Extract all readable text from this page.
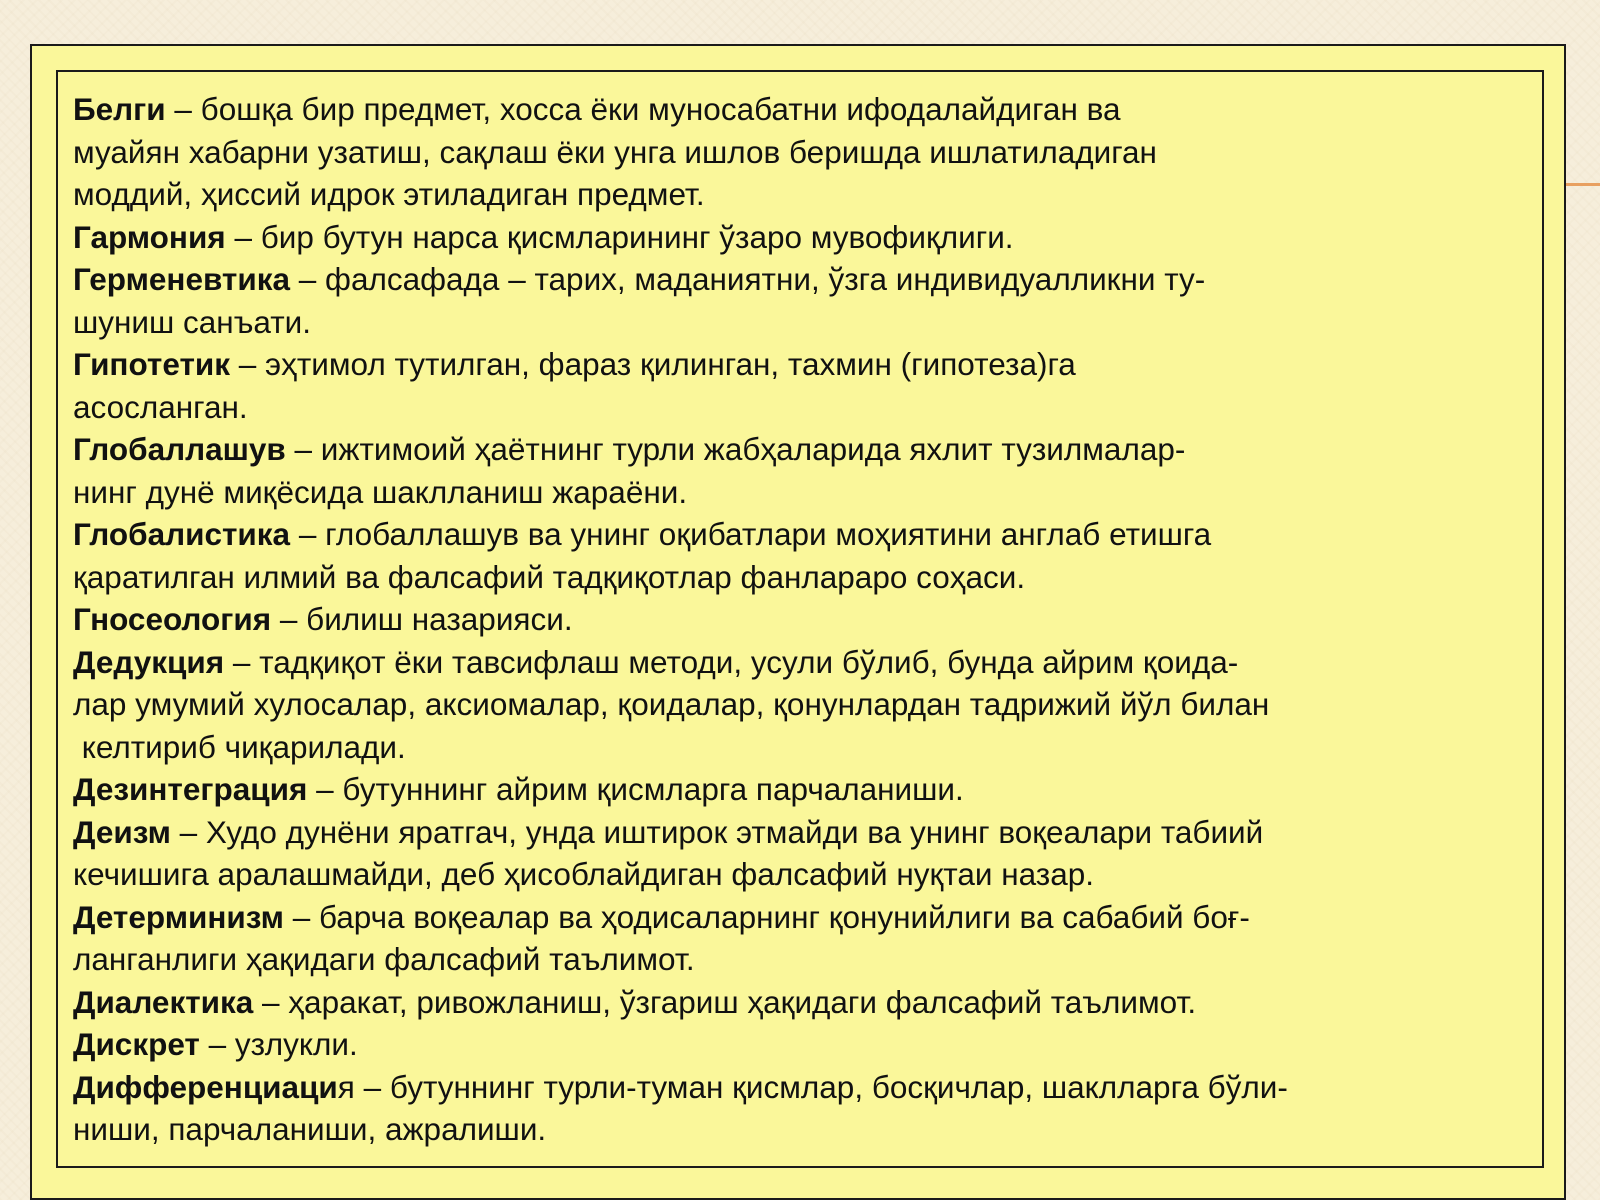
Белги – бошқа бир предмет, хосса ёки муносабатни ифодалайдиган ва
муайян хабарни узатиш, сақлаш ёки унга ишлов беришда ишлатиладиган
моддий, ҳиссий идрок этиладиган предмет.
Гармония – бир бутун нарса қисмларининг ўзаро мувофиқлиги.
Герменевтика – фалсафада – тарих, маданиятни, ўзга индивидуалликни ту-
шуниш санъати.
Гипотетик – эҳтимол тутилган, фараз қилинган, тахмин (гипотеза)га
асосланган.
Глобаллашув – ижтимоий ҳаётнинг турли жабҳаларида яхлит тузилмалар-
нинг дунё миқёсида шаклланиш жараёни.
Глобалистика – глобаллашув ва унинг оқибатлари моҳиятини англаб етишга
қаратилган илмий ва фалсафий тадқиқотлар фанлараро соҳаси.
Гносеология – билиш назарияси.
Дедукция – тадқиқот ёки тавсифлаш методи, усули бўлиб, бунда айрим қоида-
лар умумий хулосалар, аксиомалар, қоидалар, қонунлардан тадрижий йўл билан
келтириб чиқарилади.
Дезинтеграция – бутуннинг айрим қисмларга парчаланиши.
Деизм – Худо дунёни яратгач, унда иштирок этмайди ва унинг воқеалари табиий
кечишига аралашмайди, деб ҳисоблайдиган фалсафий нуқтаи назар.
Детерминизм – барча воқеалар ва ҳодисаларнинг қонунийлиги ва сабабий боғ-
ланганлиги ҳақидаги фалсафий таълимот.
Диалектика – ҳаракат, ривожланиш, ўзгариш ҳақидаги фалсафий таълимот.
Дискрет – узлукли.
Дифференциация – бутуннинг турли-туман қисмлар, босқичлар, шаклларга бўли-
ниши, парчаланиши, ажралиши.
